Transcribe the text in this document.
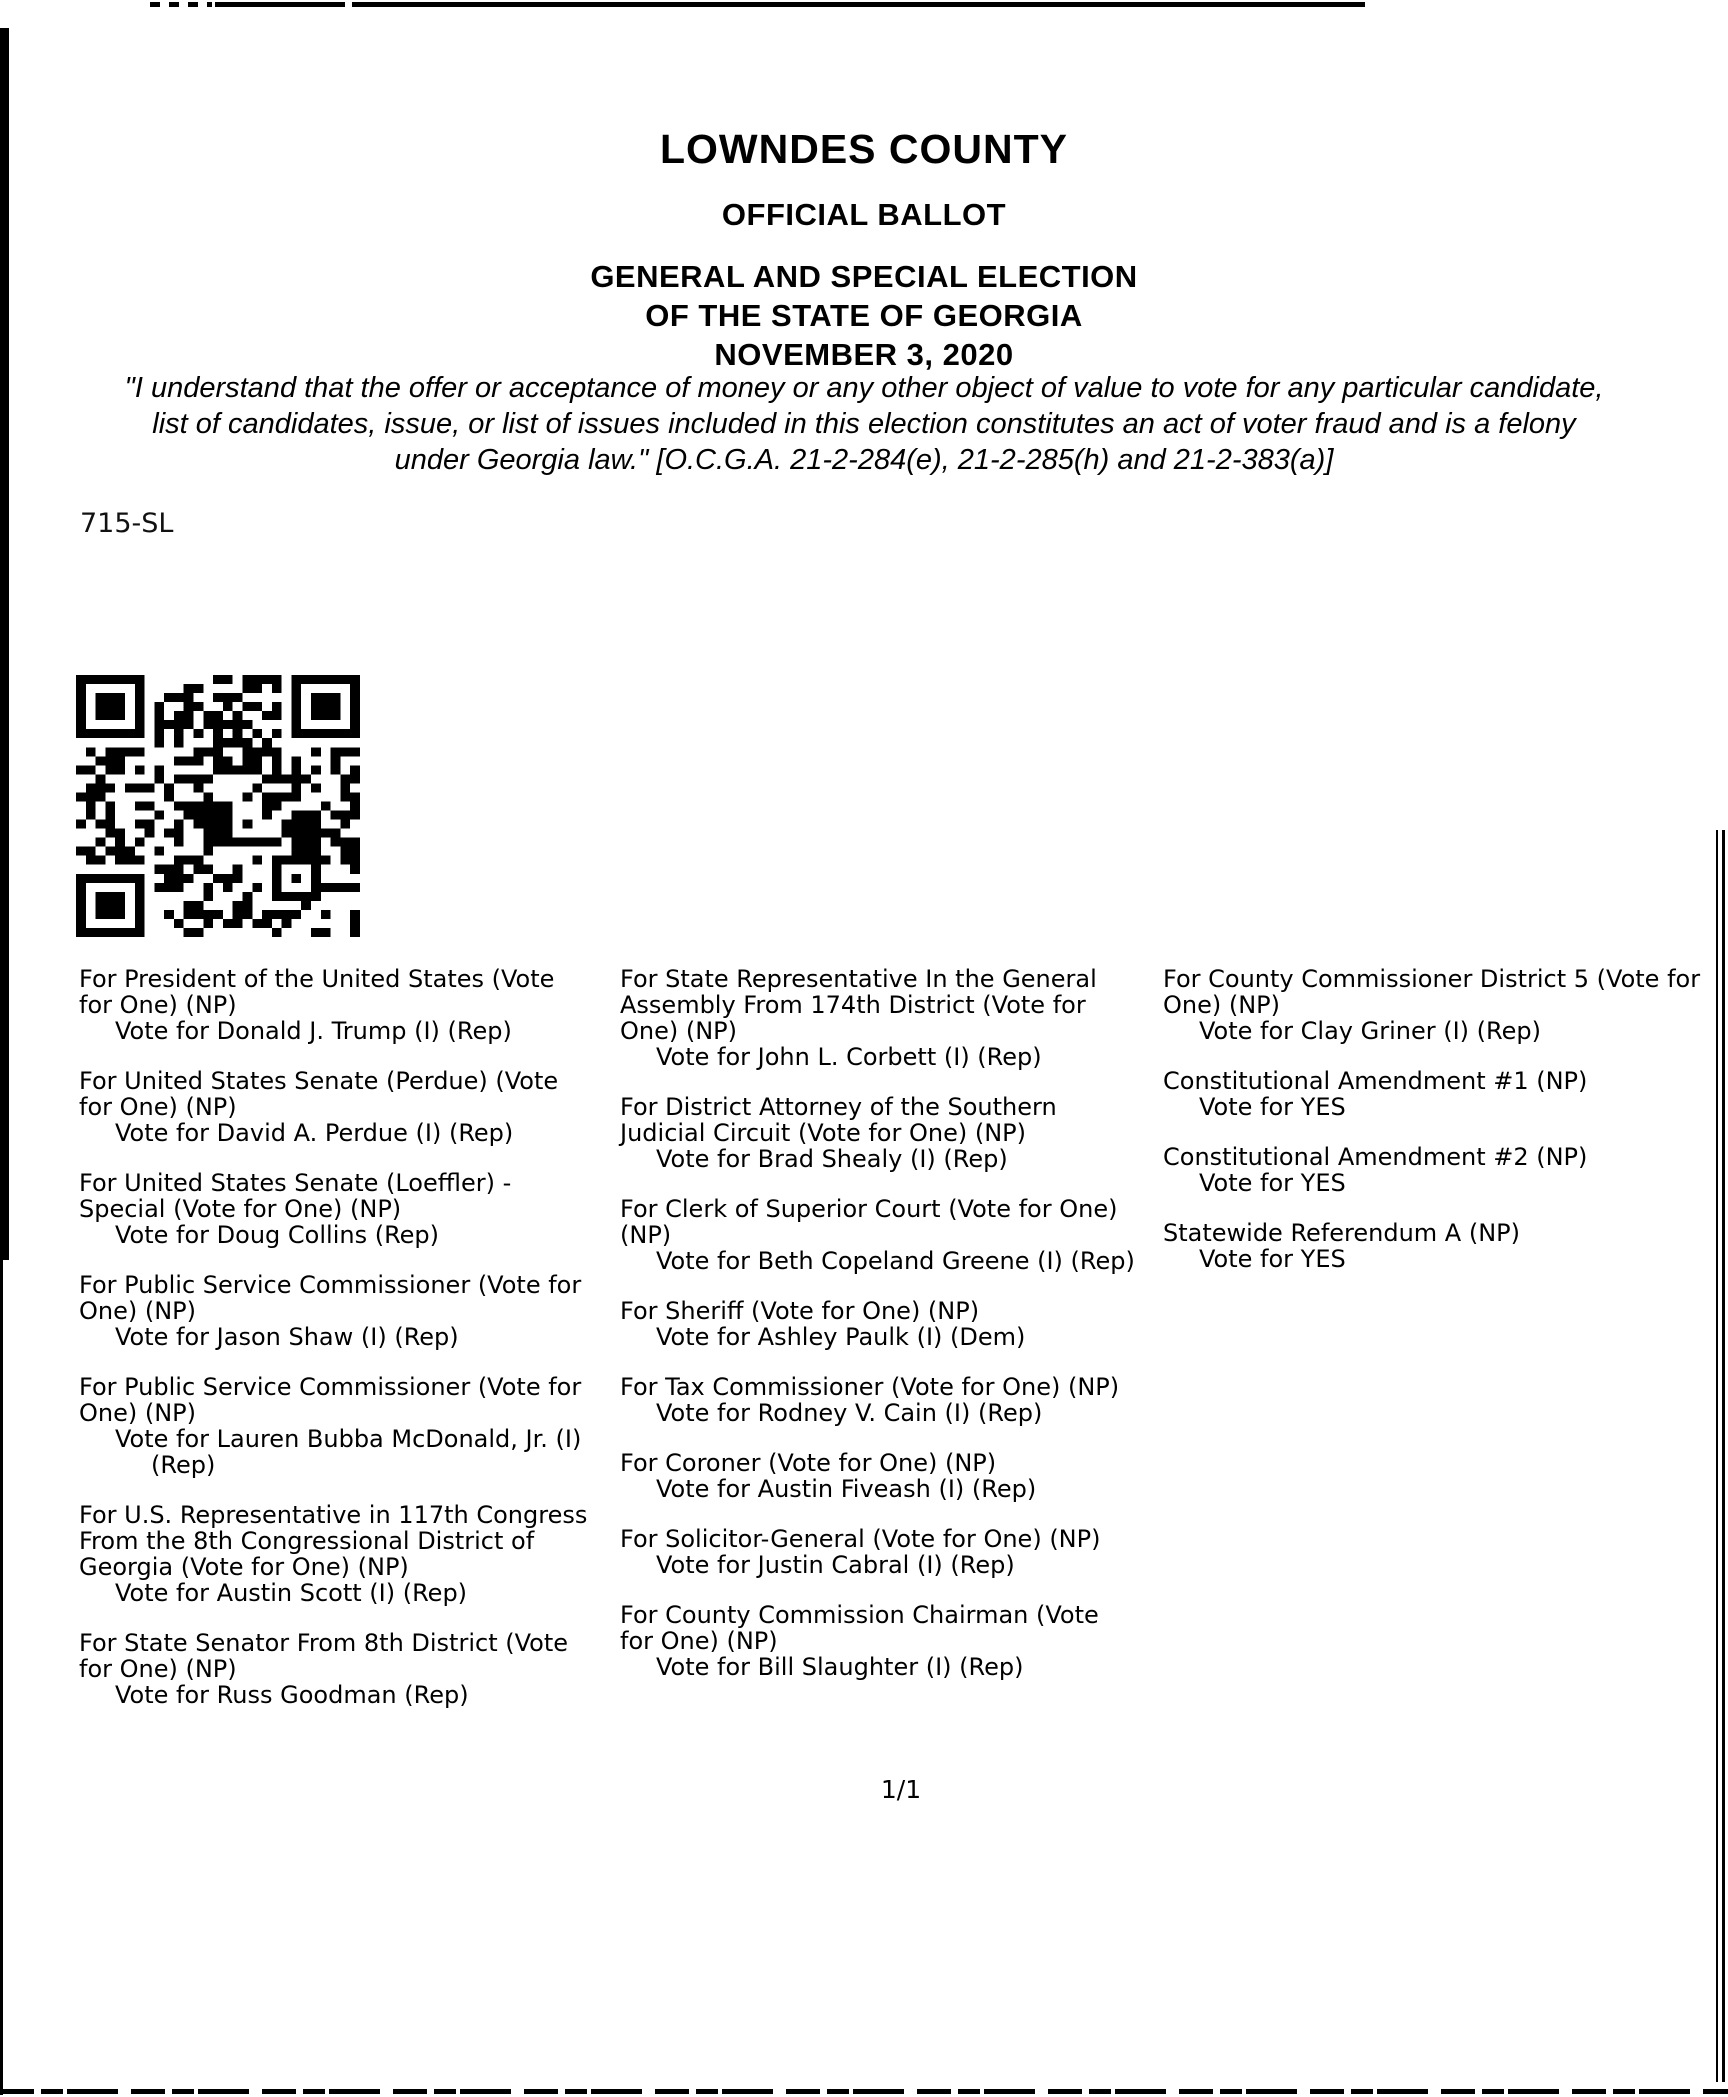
LOWNDES COUNTY
OFFICIAL BALLOT
GENERAL AND SPECIAL ELECTION
OF THE STATE OF GEORGIA
NOVEMBER 3, 2020
"I understand that the offer or acceptance of money or any other object of value to vote for any particular candidate,
list of candidates, issue, or list of issues included in this election constitutes an act of voter fraud and is a felony
under Georgia law." [O.C.G.A. 21-2-284(e), 21-2-285(h) and 21-2-383(a)]
715-SL
For President of the United States (Vote for One) (NP)
Vote for Donald J. Trump (I) (Rep)
For United States Senate (Perdue) (Vote for One) (NP)
Vote for David A. Perdue (I) (Rep)
For United States Senate (Loeffler) - Special (Vote for One) (NP)
Vote for Doug Collins (Rep)
For Public Service Commissioner (Vote for One) (NP)
Vote for Jason Shaw (I) (Rep)
For Public Service Commissioner (Vote for One) (NP)
Vote for Lauren Bubba McDonald, Jr. (I) (Rep)
For U.S. Representative in 117th Congress From the 8th Congressional District of Georgia (Vote for One) (NP)
Vote for Austin Scott (I) (Rep)
For State Senator From 8th District (Vote for One) (NP)
Vote for Russ Goodman (Rep)
For State Representative In the General Assembly From 174th District (Vote for One) (NP)
Vote for John L. Corbett (I) (Rep)
For District Attorney of the Southern Judicial Circuit (Vote for One) (NP)
Vote for Brad Shealy (I) (Rep)
For Clerk of Superior Court (Vote for One) (NP)
Vote for Beth Copeland Greene (I) (Rep)
For Sheriff (Vote for One) (NP)
Vote for Ashley Paulk (I) (Dem)
For Tax Commissioner (Vote for One) (NP)
Vote for Rodney V. Cain (I) (Rep)
For Coroner (Vote for One) (NP)
Vote for Austin Fiveash (I) (Rep)
For Solicitor-General (Vote for One) (NP)
Vote for Justin Cabral (I) (Rep)
For County Commission Chairman (Vote for One) (NP)
Vote for Bill Slaughter (I) (Rep)
For County Commissioner District 5 (Vote for One) (NP)
Vote for Clay Griner (I) (Rep)
Constitutional Amendment #1 (NP)
Vote for YES
Constitutional Amendment #2 (NP)
Vote for YES
Statewide Referendum A (NP)
Vote for YES
1/1
